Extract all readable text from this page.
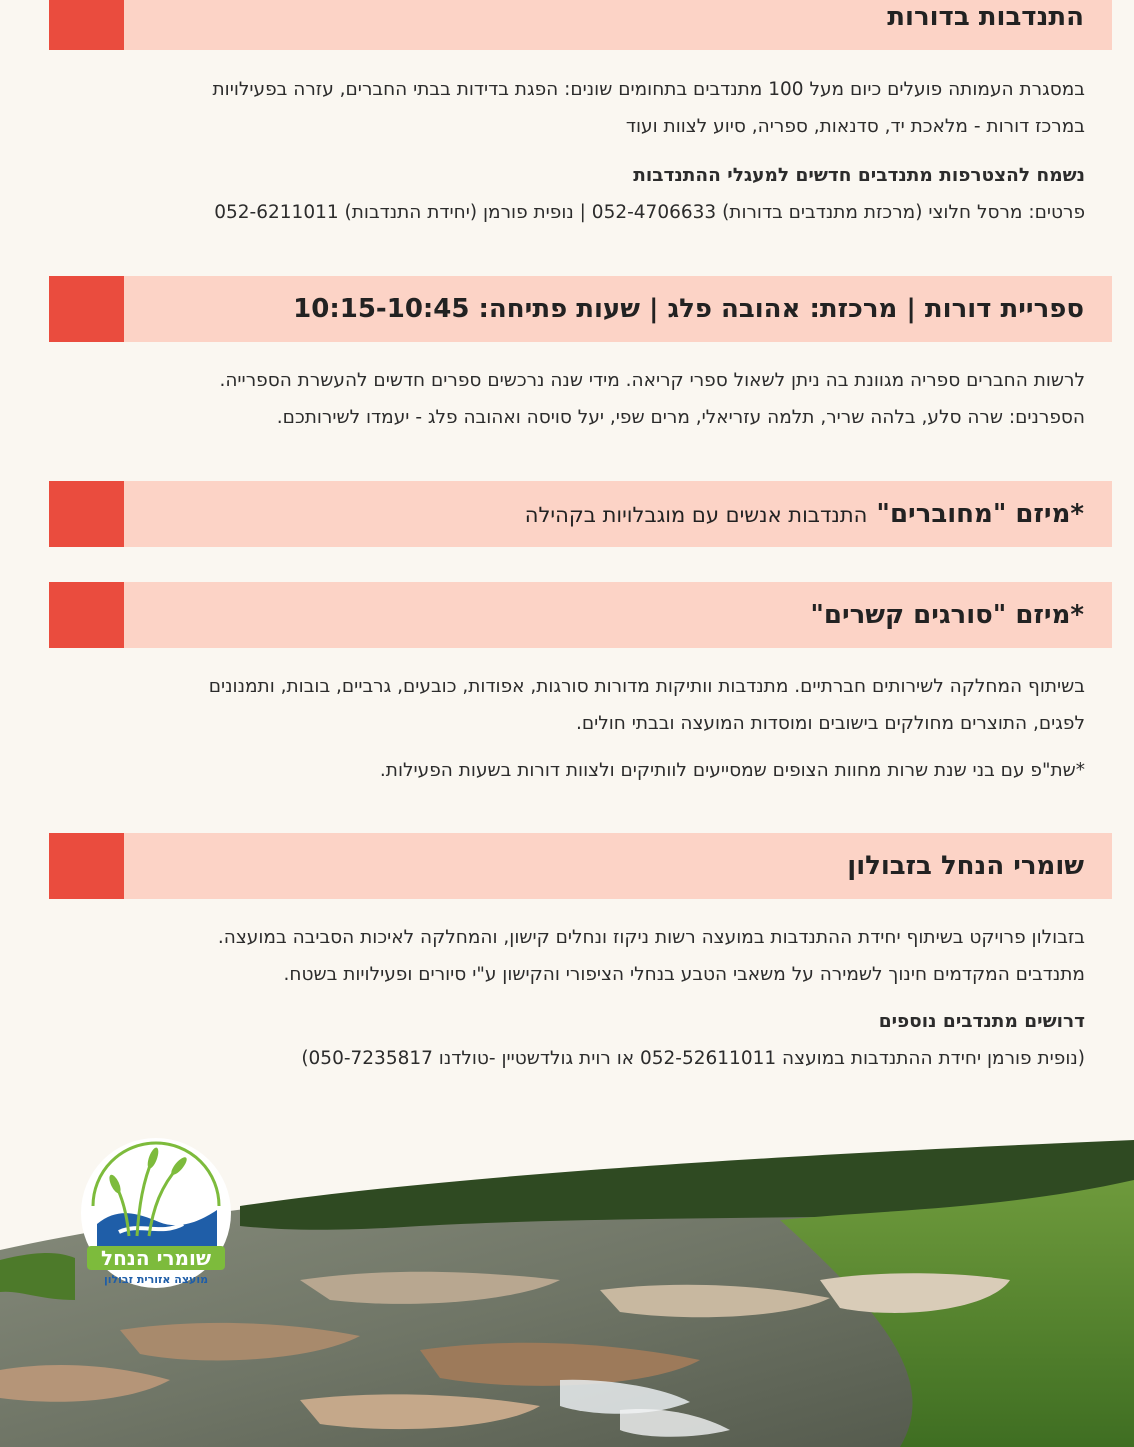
התנדבות בדורות
במסגרת העמותה פועלים כיום מעל 100 מתנדבים בתחומים שונים: הפגת בדידות בבתי החברים, עזרה בפעילויות
במרכז דורות - מלאכת יד, סדנאות, ספריה, סיוע לצוות ועוד
נשמח להצטרפות מתנדבים חדשים למעגלי ההתנדבות
פרטים: מרסל חלוצי (מרכזת מתנדבים בדורות) 052-4706633 | נופית פורמן (יחידת התנדבות) 052-6211011
ספריית דורות | מרכזת: אהובה פלג | שעות פתיחה: 10:15-10:45
לרשות החברים ספריה מגוונת בה ניתן לשאול ספרי קריאה. מידי שנה נרכשים ספרים חדשים להעשרת הספרייה.
הספרנים: שרה סלע, בלהה שריר, תלמה עזריאלי, מרים שפי, יעל סויסה ואהובה פלג - יעמדו לשירותכם.
*מיזם "מחוברים" התנדבות אנשים עם מוגבלויות בקהילה
*מיזם "סורגים קשרים"
בשיתוף המחלקה לשירותים חברתיים. מתנדבות וותיקות מדורות סורגות, אפודות, כובעים, גרביים, בובות, ותמנונים
לפגים, התוצרים מחולקים בישובים ומוסדות המועצה ובבתי חולים.
*שת"פ עם בני שנת שרות מחוות הצופים שמסייעים לוותיקים ולצוות דורות בשעות הפעילות.
שומרי הנחל בזבולון
בזבולון פרויקט בשיתוף יחידת ההתנדבות במועצה רשות ניקוז ונחלים קישון, והמחלקה לאיכות הסביבה במועצה.
מתנדבים המקדמים חינוך לשמירה על משאבי הטבע בנחלי הציפורי והקישון ע"י סיורים ופעילויות בשטח.
דרושים מתנדבים נוספים
(נופית פורמן יחידת ההתנדבות במועצה 052-52611011 או רוית גולדשטיין -טולדנו 050-7235817)
שומרי הנחל
מועצה אזורית זבולון
